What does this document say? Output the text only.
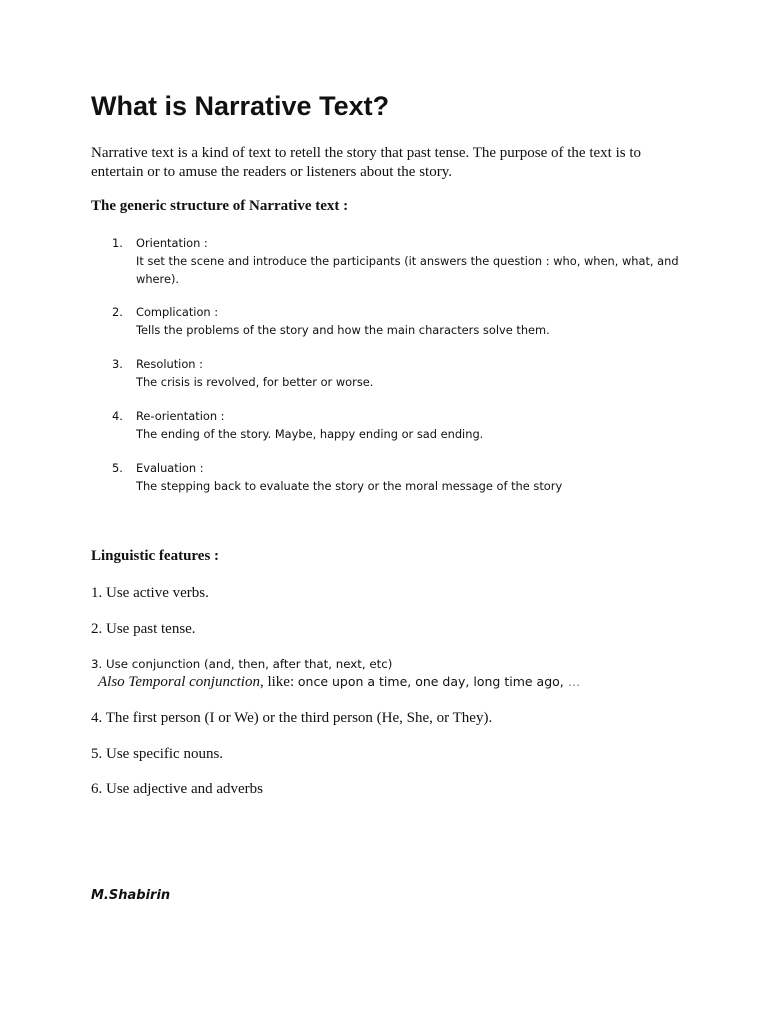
What is Narrative Text?
Narrative text is a kind of text to retell the story that past tense. The purpose of the text is to entertain or to amuse the readers or listeners about the story.
The generic structure of Narrative text :
1. Orientation :
It set the scene and introduce the participants (it answers the question : who, when, what, and where).
2. Complication :
Tells the problems of the story and how the main characters solve them.
3. Resolution :
The crisis is revolved, for better or worse.
4. Re-orientation :
The ending of the story. Maybe, happy ending or sad ending.
5. Evaluation :
The stepping back to evaluate the story or the moral message of the story
Linguistic features :
1. Use active verbs.
2. Use past tense.
3. Use conjunction (and, then, after that, next, etc)
Also Temporal conjunction, like: once upon a time, one day, long time ago, …
4. The first person (I or We) or the third person (He, She, or They).
5. Use specific nouns.
6. Use adjective and adverbs
M.Shabirin
